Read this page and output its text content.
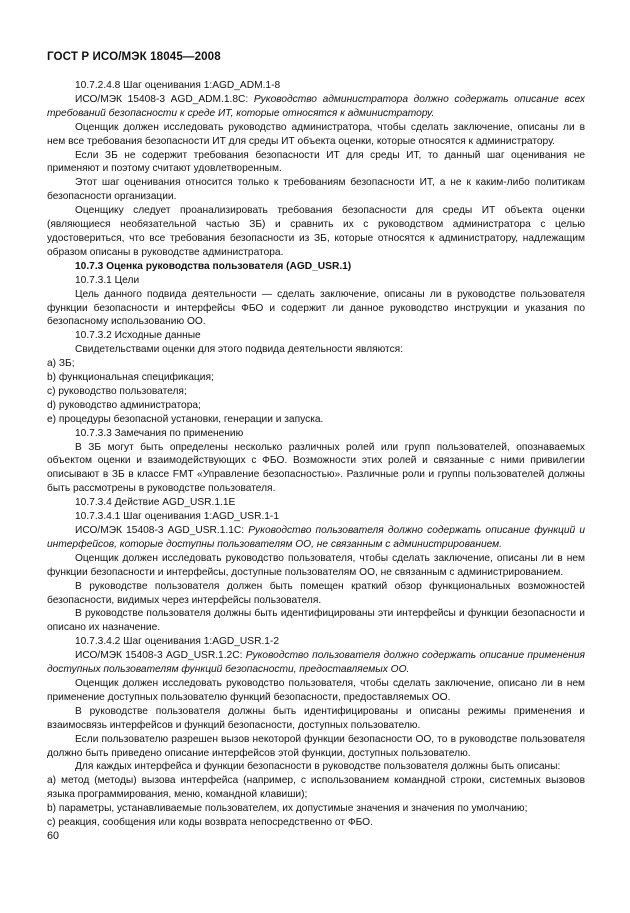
ГОСТ Р ИСО/МЭК 18045—2008

10.7.2.4.8 Шаг оценивания 1:AGD_ADM.1-8

ИСО/МЭК 15408-3 AGD_ADM.1.8С: Руководство администратора должно содержать описание всех требований безопасности к среде ИТ, которые относятся к администратору.

Оценщик должен исследовать руководство администратора, чтобы сделать заключение, описаны ли в нем все требования безопасности ИТ для среды ИТ объекта оценки, которые относятся к администратору.

Если ЗБ не содержит требования безопасности ИТ для среды ИТ, то данный шаг оценивания не применяют и поэтому считают удовлетворенным.

Этот шаг оценивания относится только к требованиям безопасности ИТ, а не к каким-либо политикам безопасности организации.

Оценщику следует проанализировать требования безопасности для среды ИТ объекта оценки (являющиеся необязательной частью ЗБ) и сравнить их с руководством администратора с целью удостовериться, что все требования безопасности из ЗБ, которые относятся к администратору, надлежащим образом описаны в руководстве администратора.

10.7.3 Оценка руководства пользователя (AGD_USR.1)

10.7.3.1 Цели

Цель данного подвида деятельности — сделать заключение, описаны ли в руководстве пользователя функции безопасности и интерфейсы ФБО и содержит ли данное руководство инструкции и указания по безопасному использованию ОО.

10.7.3.2 Исходные данные

Свидетельствами оценки для этого подвида деятельности являются:

a) ЗБ;

b) функциональная спецификация;

c) руководство пользователя;

d) руководство администратора;

e) процедуры безопасной установки, генерации и запуска.

10.7.3.3 Замечания по применению

В ЗБ могут быть определены несколько различных ролей или групп пользователей, опознаваемых объектом оценки и взаимодействующих с ФБО. Возможности этих ролей и связанные с ними привилегии описывают в ЗБ в классе FMT «Управление безопасностью». Различные роли и группы пользователей должны быть рассмотрены в руководстве пользователя.

10.7.3.4 Действие AGD_USR.1.1E

10.7.3.4.1 Шаг оценивания 1:AGD_USR.1-1

ИСО/МЭК 15408-3 AGD_USR.1.1С: Руководство пользователя должно содержать описание функций и интерфейсов, которые доступны пользователям ОО, не связанным с администрированием.

Оценщик должен исследовать руководство пользователя, чтобы сделать заключение, описаны ли в нем функции безопасности и интерфейсы, доступные пользователям ОО, не связанным с администрированием.

В руководстве пользователя должен быть помещен краткий обзор функциональных возможностей безопасности, видимых через интерфейсы пользователя.

В руководстве пользователя должны быть идентифицированы эти интерфейсы и функции безопасности и описано их назначение.

10.7.3.4.2 Шаг оценивания 1:AGD_USR.1-2

ИСО/МЭК 15408-3 AGD_USR.1.2С: Руководство пользователя должно содержать описание применения доступных пользователям функций безопасности, предоставляемых ОО.

Оценщик должен исследовать руководство пользователя, чтобы сделать заключение, описано ли в нем применение доступных пользователю функций безопасности, предоставляемых ОО.

В руководстве пользователя должны быть идентифицированы и описаны режимы применения и взаимосвязь интерфейсов и функций безопасности, доступных пользователю.

Если пользователю разрешен вызов некоторой функции безопасности ОО, то в руководстве пользователя должно быть приведено описание интерфейсов этой функции, доступных пользователю.

Для каждых интерфейса и функции безопасности в руководстве пользователя должны быть описаны:

a) метод (методы) вызова интерфейса (например, с использованием командной строки, системных вызовов языка программирования, меню, командной клавиши);

b) параметры, устанавливаемые пользователем, их допустимые значения и значения по умолчанию;

c) реакция, сообщения или коды возврата непосредственно от ФБО.

60
